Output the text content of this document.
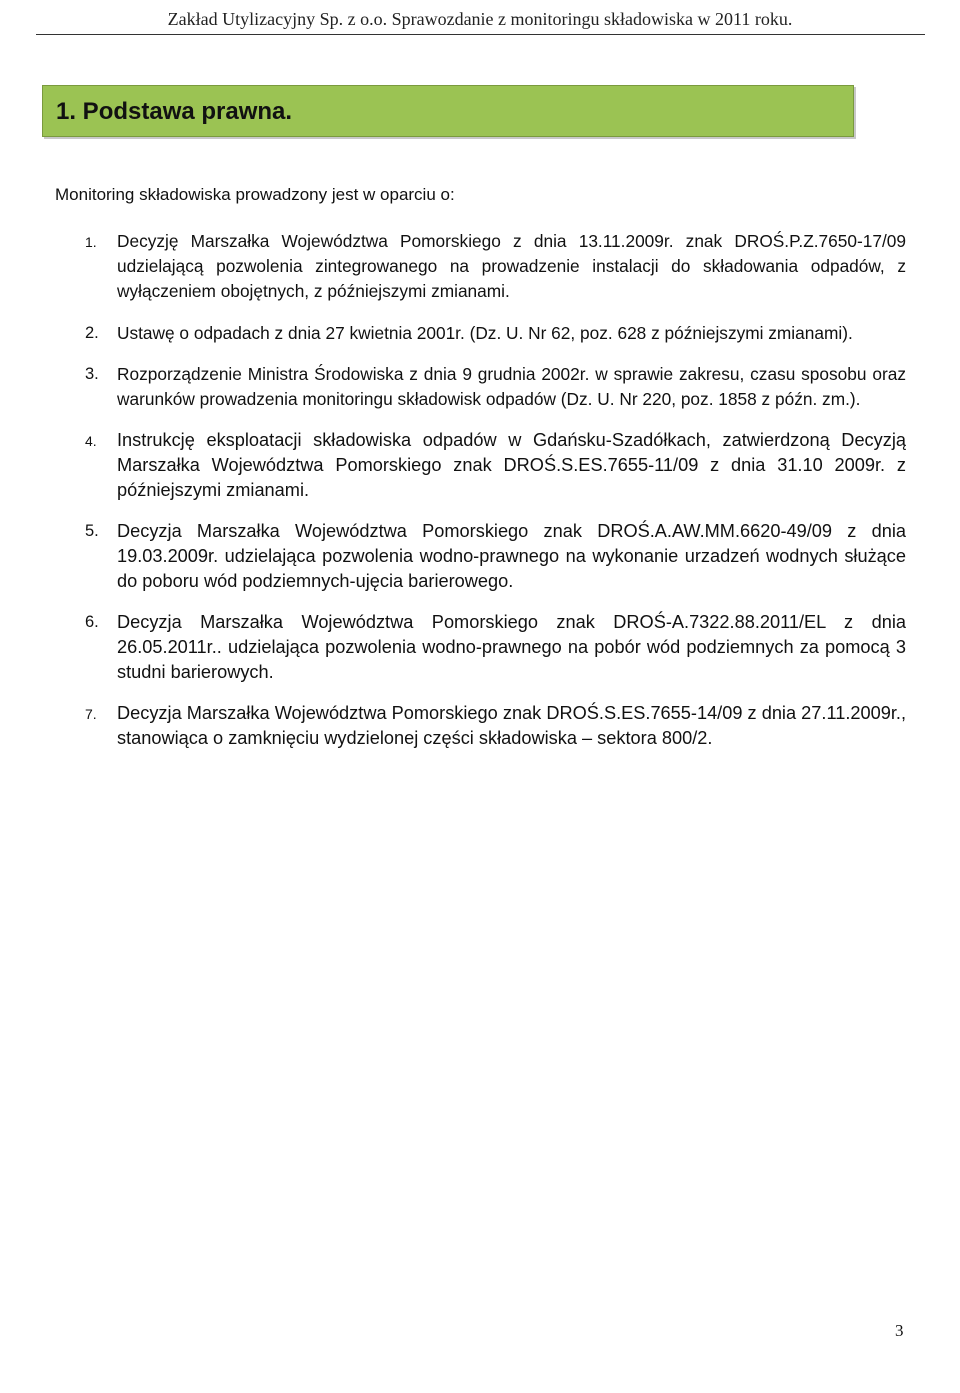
Zakład Utylizacyjny Sp. z o.o. Sprawozdanie z monitoringu składowiska w 2011 roku.
1. Podstawa prawna.

Monitoring składowiska prowadzony jest w oparciu o:

1. Decyzję Marszałka Województwa Pomorskiego z dnia 13.11.2009r. znak DROŚ.P.Z.7650-17/09 udzielającą pozwolenia zintegrowanego na prowadzenie instalacji do składowania odpadów, z wyłączeniem obojętnych, z późniejszymi zmianami.
2. Ustawę o odpadach z dnia 27 kwietnia 2001r. (Dz. U. Nr 62, poz. 628 z późniejszymi zmianami).
3. Rozporządzenie Ministra Środowiska z dnia 9 grudnia 2002r. w sprawie zakresu, czasu sposobu oraz warunków prowadzenia monitoringu składowisk odpadów (Dz. U. Nr 220, poz. 1858 z późn. zm.).
4. Instrukcję eksploatacji składowiska odpadów w Gdańsku-Szadółkach, zatwierdzoną Decyzją Marszałka Województwa Pomorskiego znak DROŚ.S.ES.7655-11/09 z dnia 31.10 2009r. z późniejszymi zmianami.
5. Decyzja Marszałka Województwa Pomorskiego znak DROŚ.A.AW.MM.6620-49/09 z dnia 19.03.2009r. udzielająca pozwolenia wodno-prawnego na wykonanie urzadzeń wodnych służące do poboru wód podziemnych-ujęcia barierowego.
6. Decyzja Marszałka Województwa Pomorskiego znak DROŚ-A.7322.88.2011/EL z dnia 26.05.2011r.. udzielająca pozwolenia wodno-prawnego na pobór wód podziemnych za pomocą 3 studni barierowych.
7. Decyzja Marszałka Województwa Pomorskiego znak DROŚ.S.ES.7655-14/09 z dnia 27.11.2009r., stanowiąca o zamknięciu wydzielonej części składowiska – sektora 800/2.
3
